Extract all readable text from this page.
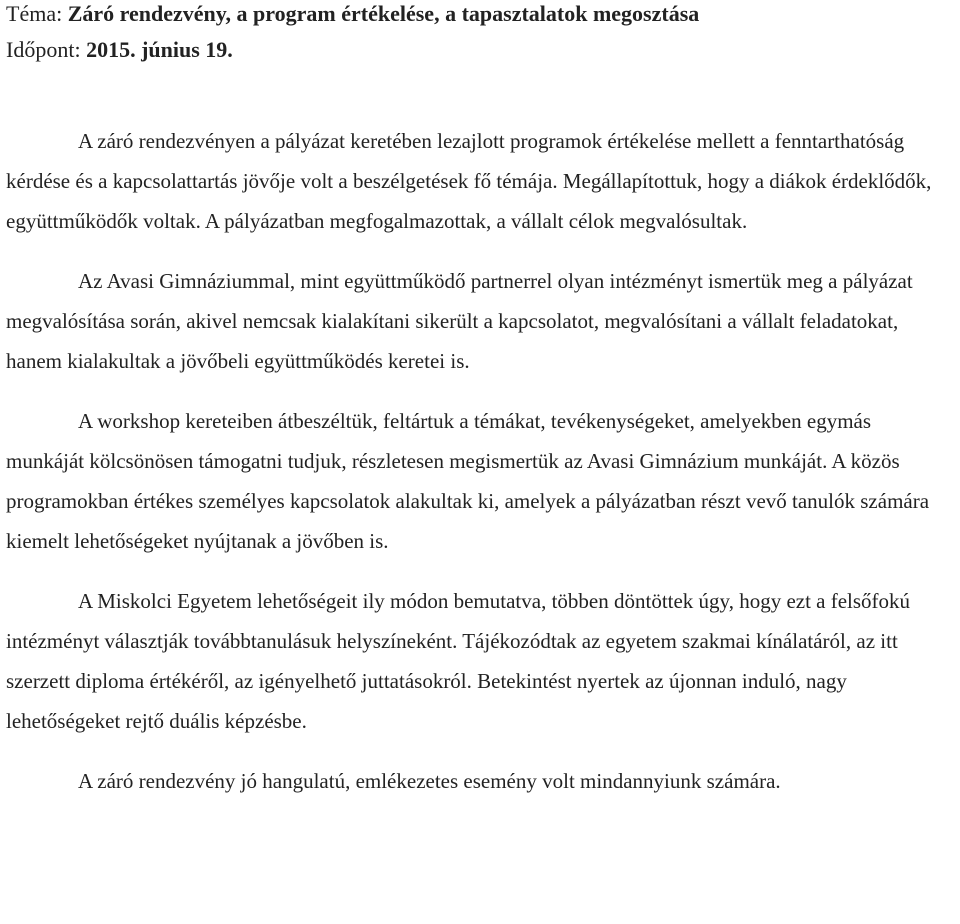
Téma: Záró rendezvény, a program értékelése, a tapasztalatok megosztása
Időpont: 2015. június 19.

A záró rendezvényen a pályázat keretében lezajlott programok értékelése mellett a fenntarthatóság kérdése és a kapcsolattartás jövője volt a beszélgetések fő témája. Megállapítottuk, hogy a diákok érdeklődők, együttműködők voltak. A pályázatban megfogalmazottak, a vállalt célok megvalósultak.

Az Avasi Gimnáziummal, mint együttműködő partnerrel olyan intézményt ismertük meg a pályázat megvalósítása során, akivel nemcsak kialakítani sikerült a kapcsolatot, megvalósítani a vállalt feladatokat, hanem kialakultak a jövőbeli együttműködés keretei is.

A workshop kereteiben átbeszéltük, feltártuk a témákat, tevékenységeket, amelyekben egymás munkáját kölcsönösen támogatni tudjuk, részletesen megismertük az Avasi Gimnázium munkáját. A közös programokban értékes személyes kapcsolatok alakultak ki, amelyek a pályázatban részt vevő tanulók számára kiemelt lehetőségeket nyújtanak a jövőben is.

A Miskolci Egyetem lehetőségeit ily módon bemutatva, többen döntöttek úgy, hogy ezt a felsőfokú intézményt választják továbbtanulásuk helyszíneként. Tájékozódtak az egyetem szakmai kínálatáról, az itt szerzett diploma értékéről, az igényelhető juttatásokról. Betekintést nyertek az újonnan induló, nagy lehetőségeket rejtő duális képzésbe.

A záró rendezvény jó hangulatú, emlékezetes esemény volt mindannyiunk számára.
